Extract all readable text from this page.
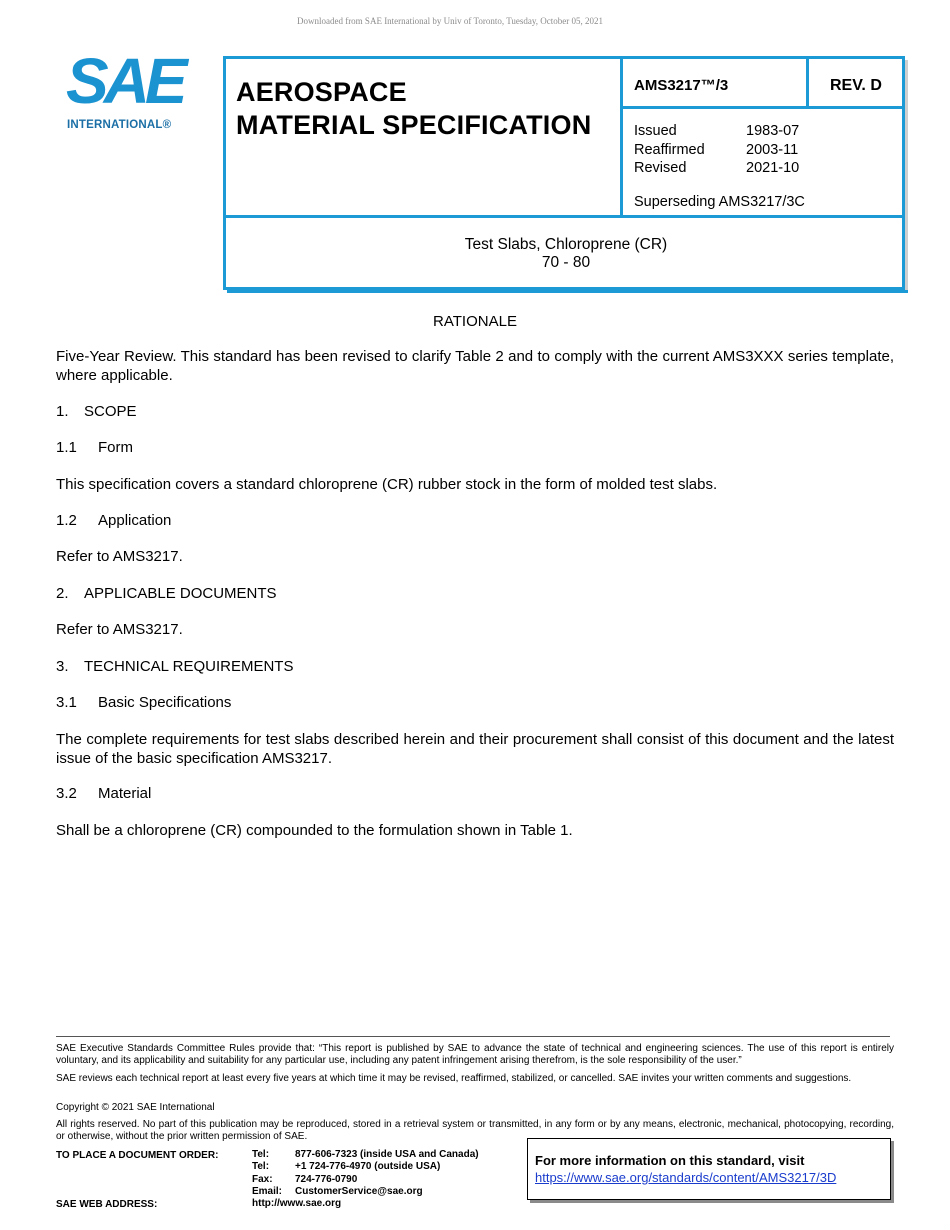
Downloaded from SAE International by Univ of Toronto, Tuesday, October 05, 2021
SAE
INTERNATIONAL®
AEROSPACE
MATERIAL SPECIFICATION
AMS3217™/3	REV. D
Issued	1983-07
Reaffirmed	2003-11
Revised	2021-10
Superseding AMS3217/3C
Test Slabs, Chloroprene (CR)
70 - 80
RATIONALE
Five-Year Review. This standard has been revised to clarify Table 2 and to comply with the current AMS3XXX series template, where applicable.
1. SCOPE
1.1 Form
This specification covers a standard chloroprene (CR) rubber stock in the form of molded test slabs.
1.2 Application
Refer to AMS3217.
2. APPLICABLE DOCUMENTS
Refer to AMS3217.
3. TECHNICAL REQUIREMENTS
3.1 Basic Specifications
The complete requirements for test slabs described herein and their procurement shall consist of this document and the latest issue of the basic specification AMS3217.
3.2 Material
Shall be a chloroprene (CR) compounded to the formulation shown in Table 1.
SAE Executive Standards Committee Rules provide that: “This report is published by SAE to advance the state of technical and engineering sciences. The use of this report is entirely voluntary, and its applicability and suitability for any particular use, including any patent infringement arising therefrom, is the sole responsibility of the user.”
SAE reviews each technical report at least every five years at which time it may be revised, reaffirmed, stabilized, or cancelled. SAE invites your written comments and suggestions.
Copyright © 2021 SAE International
All rights reserved. No part of this publication may be reproduced, stored in a retrieval system or transmitted, in any form or by any means, electronic, mechanical, photocopying, recording, or otherwise, without the prior written permission of SAE.
TO PLACE A DOCUMENT ORDER:
SAE WEB ADDRESS:
Tel:	877-606-7323 (inside USA and Canada)
Tel:	+1 724-776-4970 (outside USA)
Fax: 724-776-0790
Email: CustomerService@sae.org
http://www.sae.org
For more information on this standard, visit
https://www.sae.org/standards/content/AMS3217/3D
